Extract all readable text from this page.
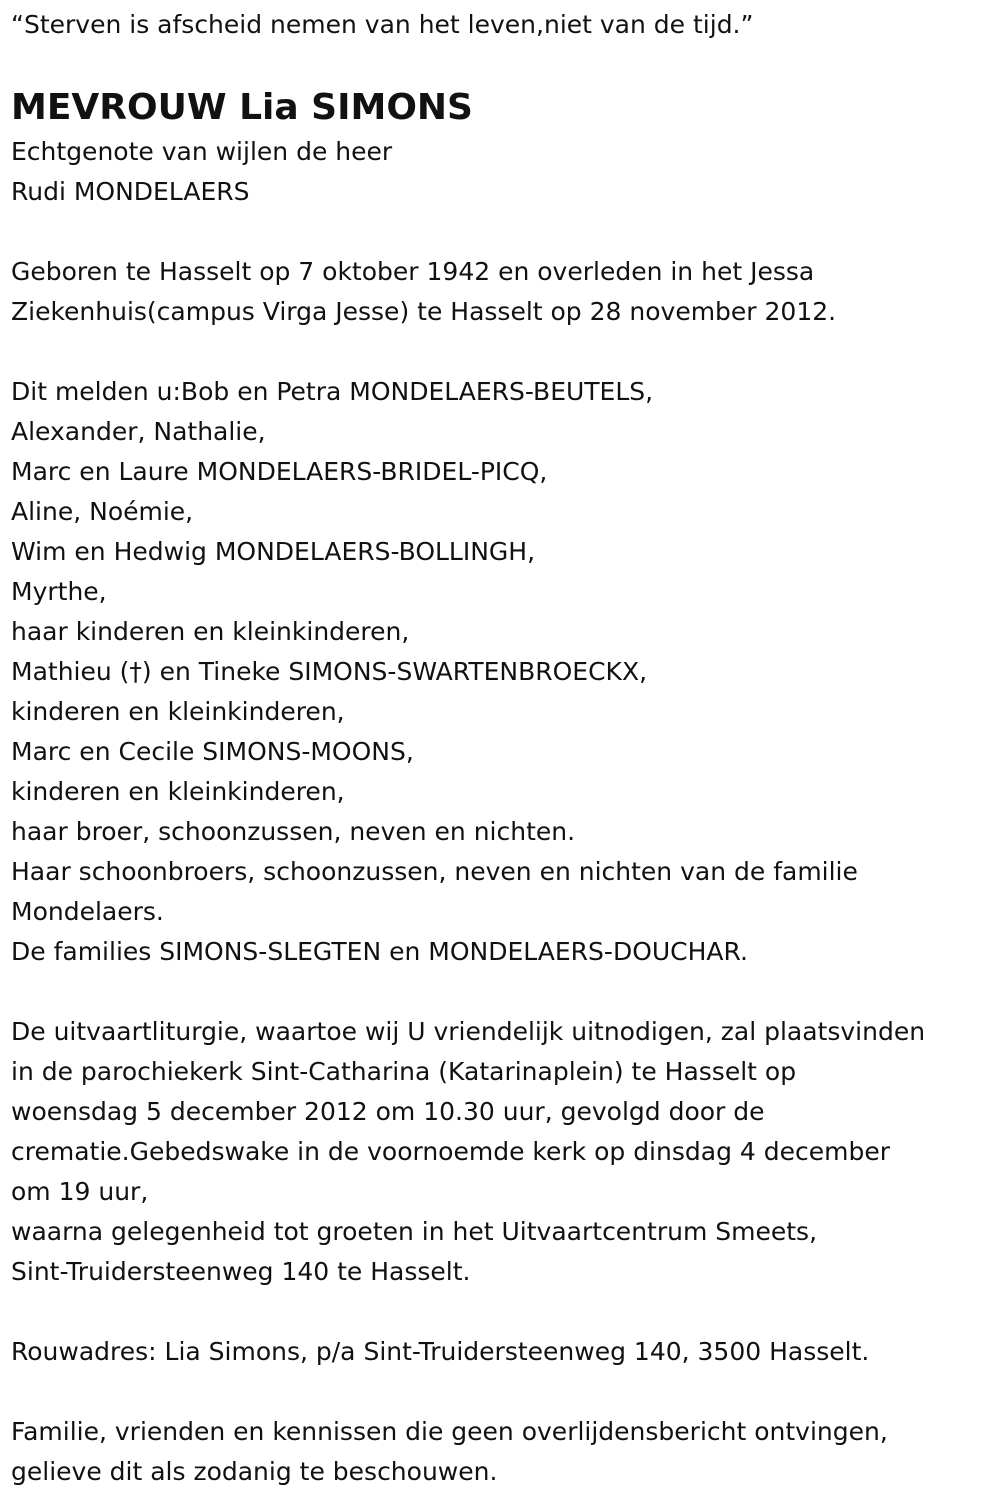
“Sterven is afscheid nemen van het leven,niet van de tijd.”
MEVROUW Lia SIMONS
Echtgenote van wijlen de heer
Rudi MONDELAERS
Geboren te Hasselt op 7 oktober 1942 en overleden in het Jessa
Ziekenhuis(campus Virga Jesse) te Hasselt op 28 november 2012.
Dit melden u:Bob en Petra MONDELAERS-BEUTELS,
Alexander, Nathalie,
Marc en Laure MONDELAERS-BRIDEL-PICQ,
Aline, Noémie,
Wim en Hedwig MONDELAERS-BOLLINGH,
Myrthe,
haar kinderen en kleinkinderen,
Mathieu (†) en Tineke SIMONS-SWARTENBROECKX,
kinderen en kleinkinderen,
Marc en Cecile SIMONS-MOONS,
kinderen en kleinkinderen,
haar broer, schoonzussen, neven en nichten.
Haar schoonbroers, schoonzussen, neven en nichten van de familie
Mondelaers.
De families SIMONS-SLEGTEN en MONDELAERS-DOUCHAR.
De uitvaartliturgie, waartoe wij U vriendelijk uitnodigen, zal plaatsvinden
in de parochiekerk Sint-Catharina (Katarinaplein) te Hasselt op
woensdag 5 december 2012 om 10.30 uur, gevolgd door de
crematie.Gebedswake in de voornoemde kerk op dinsdag 4 december
om 19 uur,
waarna gelegenheid tot groeten in het Uitvaartcentrum Smeets,
Sint-Truidersteenweg 140 te Hasselt.
Rouwadres: Lia Simons, p/a Sint-Truidersteenweg 140, 3500 Hasselt.
Familie, vrienden en kennissen die geen overlijdensbericht ontvingen,
gelieve dit als zodanig te beschouwen.
